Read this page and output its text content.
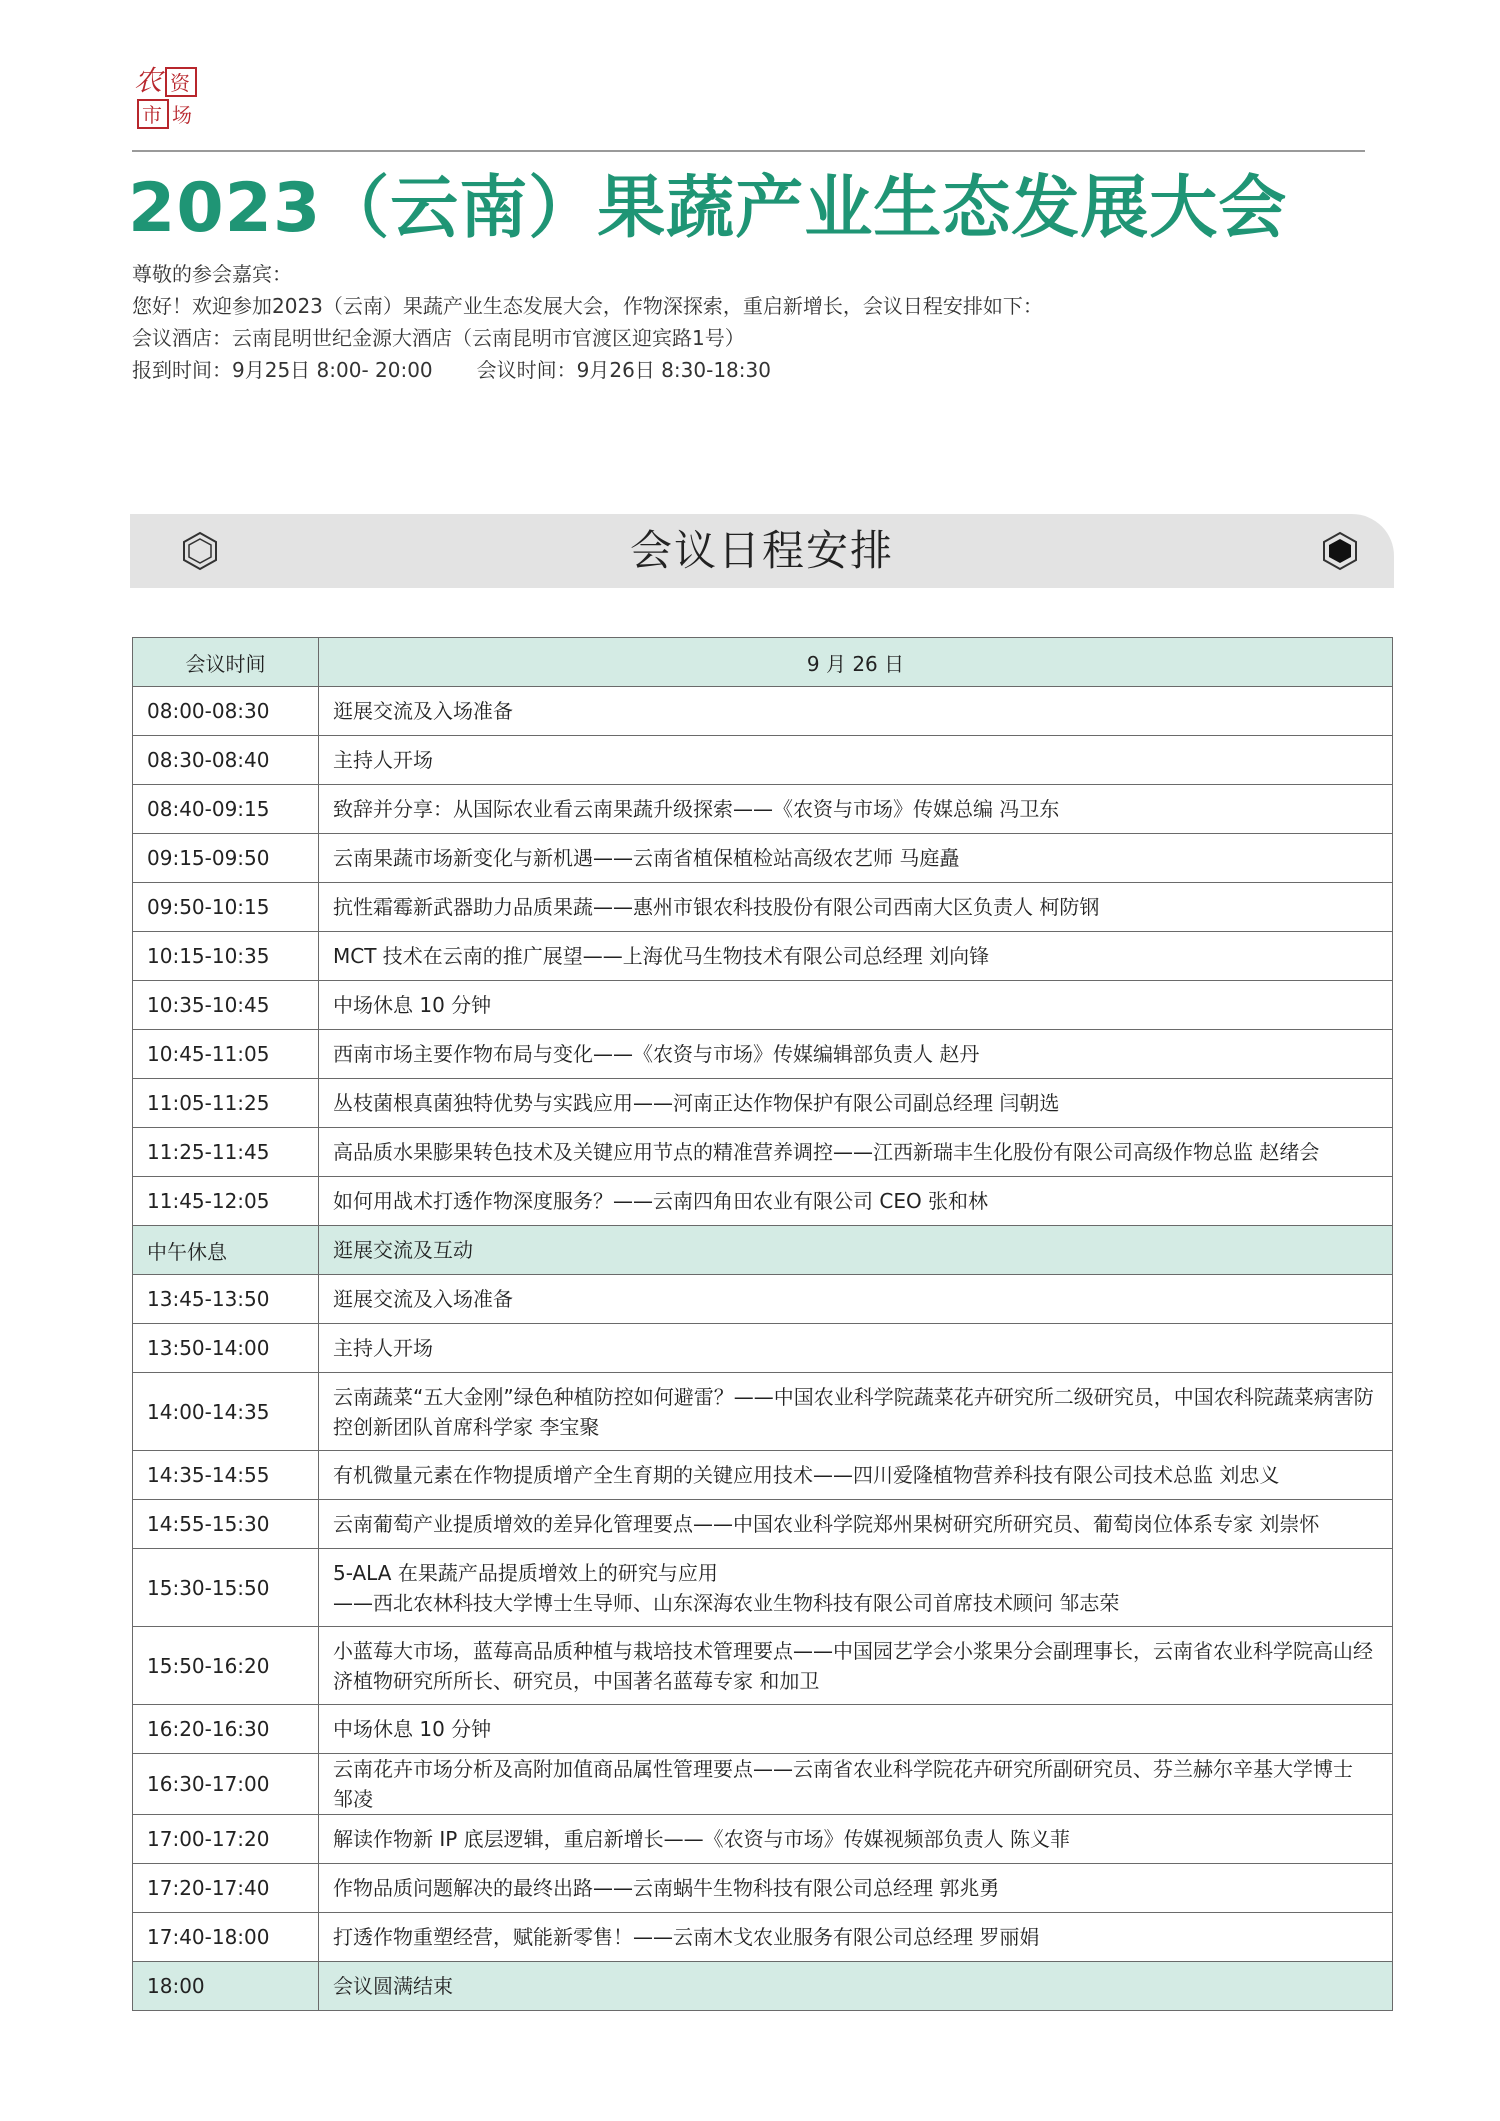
农 资
市 场
2023（云南）果蔬产业生态发展大会
尊敬的参会嘉宾：
您好！欢迎参加2023（云南）果蔬产业生态发展大会，作物深探索，重启新增长，会议日程安排如下：
会议酒店：云南昆明世纪金源大酒店（云南昆明市官渡区迎宾路1号）
报到时间：9月25日 8:00- 20:00 会议时间：9月26日 8:30-18:30
会议日程安排
会议时间	9 月 26 日
08:00-08:30	逛展交流及入场准备
08:30-08:40	主持人开场
08:40-09:15	致辞并分享：从国际农业看云南果蔬升级探索——《农资与市场》传媒总编 冯卫东
09:15-09:50	云南果蔬市场新变化与新机遇——云南省植保植检站高级农艺师 马庭矗
09:50-10:15	抗性霜霉新武器助力品质果蔬——惠州市银农科技股份有限公司西南大区负责人 柯防钢
10:15-10:35	MCT 技术在云南的推广展望——上海优马生物技术有限公司总经理 刘向锋
10:35-10:45	中场休息 10 分钟
10:45-11:05	西南市场主要作物布局与变化——《农资与市场》传媒编辑部负责人 赵丹
11:05-11:25	丛枝菌根真菌独特优势与实践应用——河南正达作物保护有限公司副总经理 闫朝选
11:25-11:45	高品质水果膨果转色技术及关键应用节点的精准营养调控——江西新瑞丰生化股份有限公司高级作物总监 赵绪会
11:45-12:05	如何用战术打透作物深度服务？——云南四角田农业有限公司 CEO 张和林
中午休息	逛展交流及互动
13:45-13:50	逛展交流及入场准备
13:50-14:00	主持人开场
14:00-14:35	云南蔬菜“五大金刚”绿色种植防控如何避雷？——中国农业科学院蔬菜花卉研究所二级研究员，中国农科院蔬菜病害防控创新团队首席科学家 李宝聚
14:35-14:55	有机微量元素在作物提质增产全生育期的关键应用技术——四川爱隆植物营养科技有限公司技术总监 刘忠义
14:55-15:30	云南葡萄产业提质增效的差异化管理要点——中国农业科学院郑州果树研究所研究员、葡萄岗位体系专家 刘崇怀
15:30-15:50	5-ALA 在果蔬产品提质增效上的研究与应用
——西北农林科技大学博士生导师、山东深海农业生物科技有限公司首席技术顾问 邹志荣

15:50-16:20	小蓝莓大市场，蓝莓高品质种植与栽培技术管理要点——中国园艺学会小浆果分会副理事长，云南省农业科学院高山经济植物研究所所长、研究员，中国著名蓝莓专家 和加卫
16:20-16:30	中场休息 10 分钟
16:30-17:00	云南花卉市场分析及高附加值商品属性管理要点——云南省农业科学院花卉研究所副研究员、芬兰赫尔辛基大学博士 邹凌
17:00-17:20	解读作物新 IP 底层逻辑，重启新增长——《农资与市场》传媒视频部负责人 陈义菲
17:20-17:40	作物品质问题解决的最终出路——云南蜗牛生物科技有限公司总经理 郭兆勇
17:40-18:00	打透作物重塑经营，赋能新零售！——云南木戈农业服务有限公司总经理 罗丽娟
18:00	会议圆满结束
